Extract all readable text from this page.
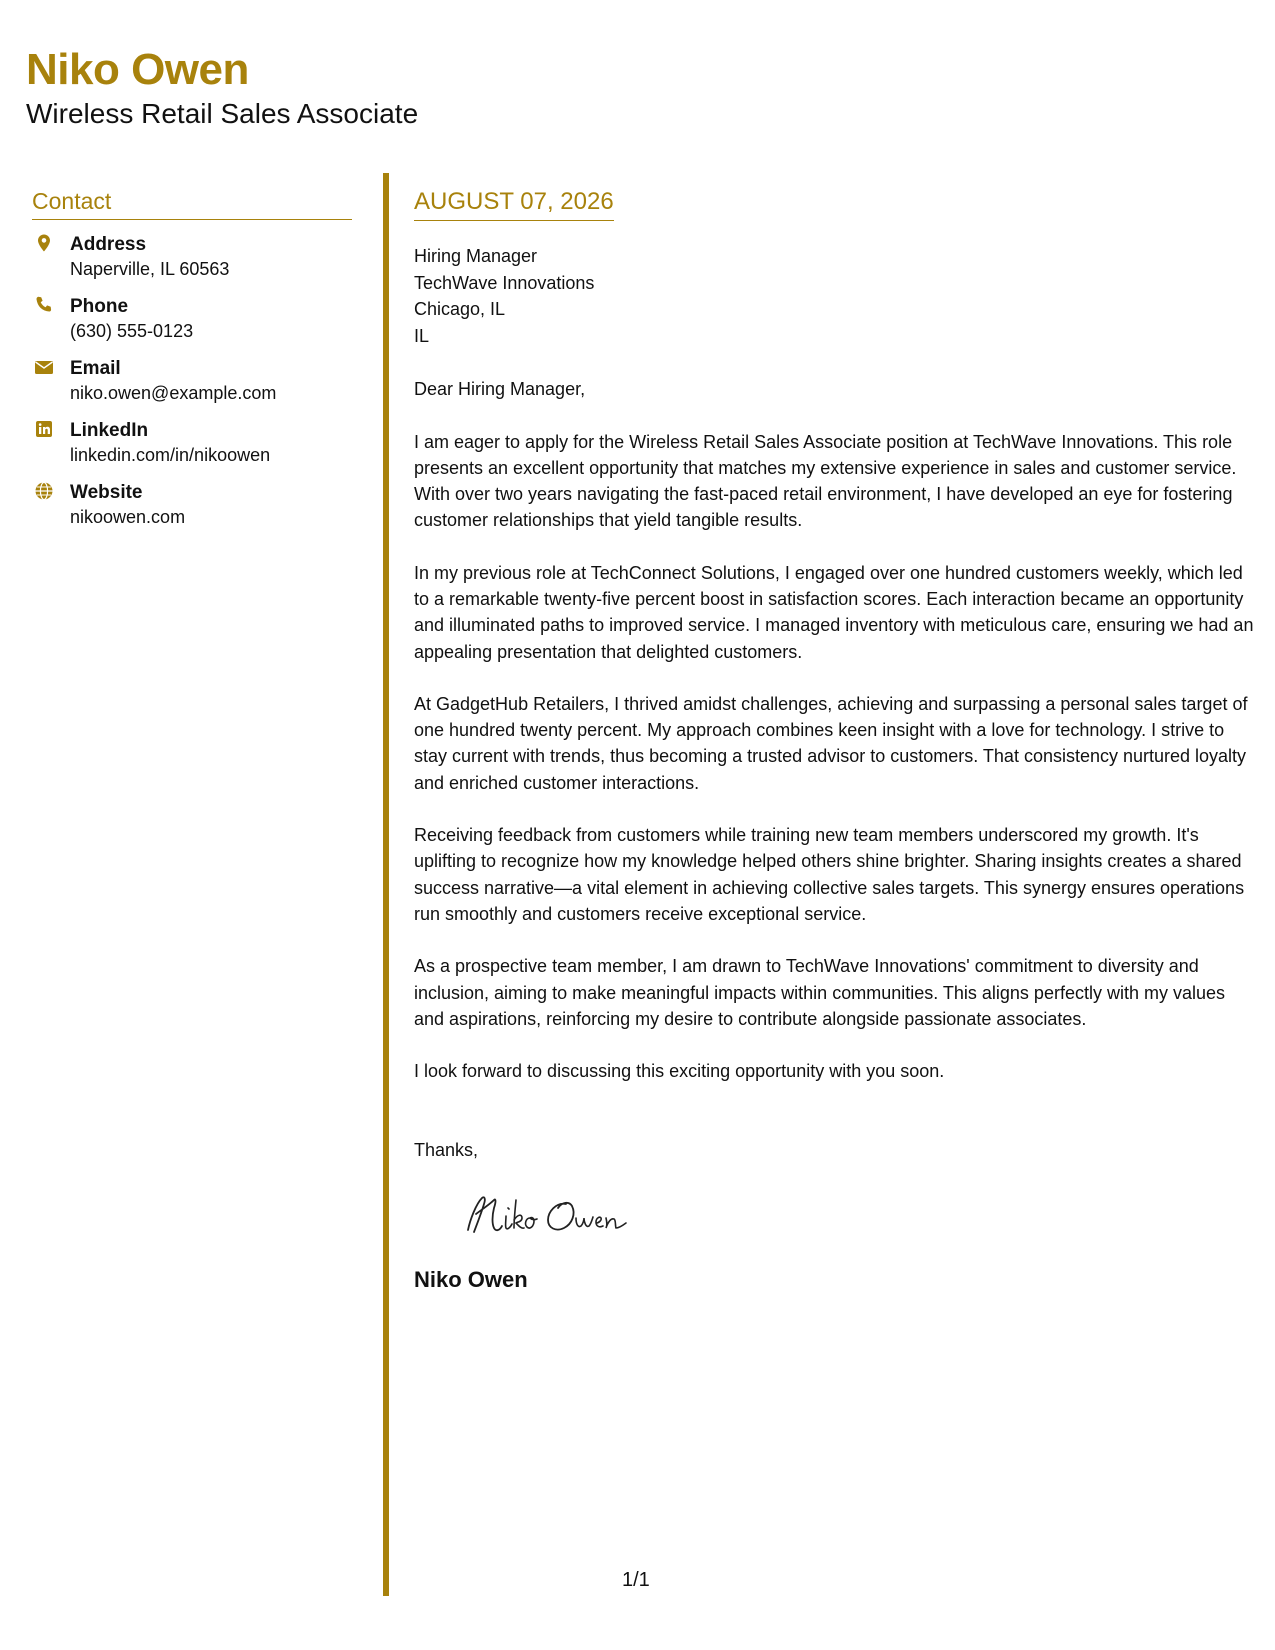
Niko Owen
Wireless Retail Sales Associate
Contact
Address
Naperville, IL 60563
Phone
(630) 555-0123
Email
niko.owen@example.com
LinkedIn
linkedin.com/in/nikoowen
Website
nikoowen.com
AUGUST 07, 2026
Hiring Manager
TechWave Innovations
Chicago, IL
IL
Dear Hiring Manager,

I am eager to apply for the Wireless Retail Sales Associate position at TechWave Innovations. This role presents an excellent opportunity that matches my extensive experience in sales and customer service. With over two years navigating the fast-paced retail environment, I have developed an eye for fostering customer relationships that yield tangible results.

In my previous role at TechConnect Solutions, I engaged over one hundred customers weekly, which led to a remarkable twenty-five percent boost in satisfaction scores. Each interaction became an opportunity and illuminated paths to improved service. I managed inventory with meticulous care, ensuring we had an appealing presentation that delighted customers.

At GadgetHub Retailers, I thrived amidst challenges, achieving and surpassing a personal sales target of one hundred twenty percent. My approach combines keen insight with a love for technology. I strive to stay current with trends, thus becoming a trusted advisor to customers. That consistency nurtured loyalty and enriched customer interactions.

Receiving feedback from customers while training new team members underscored my growth. It's uplifting to recognize how my knowledge helped others shine brighter. Sharing insights creates a shared success narrative—a vital element in achieving collective sales targets. This synergy ensures operations run smoothly and customers receive exceptional service.

As a prospective team member, I am drawn to TechWave Innovations' commitment to diversity and inclusion, aiming to make meaningful impacts within communities. This aligns perfectly with my values and aspirations, reinforcing my desire to contribute alongside passionate associates.

I look forward to discussing this exciting opportunity with you soon.

Thanks,
Niko Owen
1/1
